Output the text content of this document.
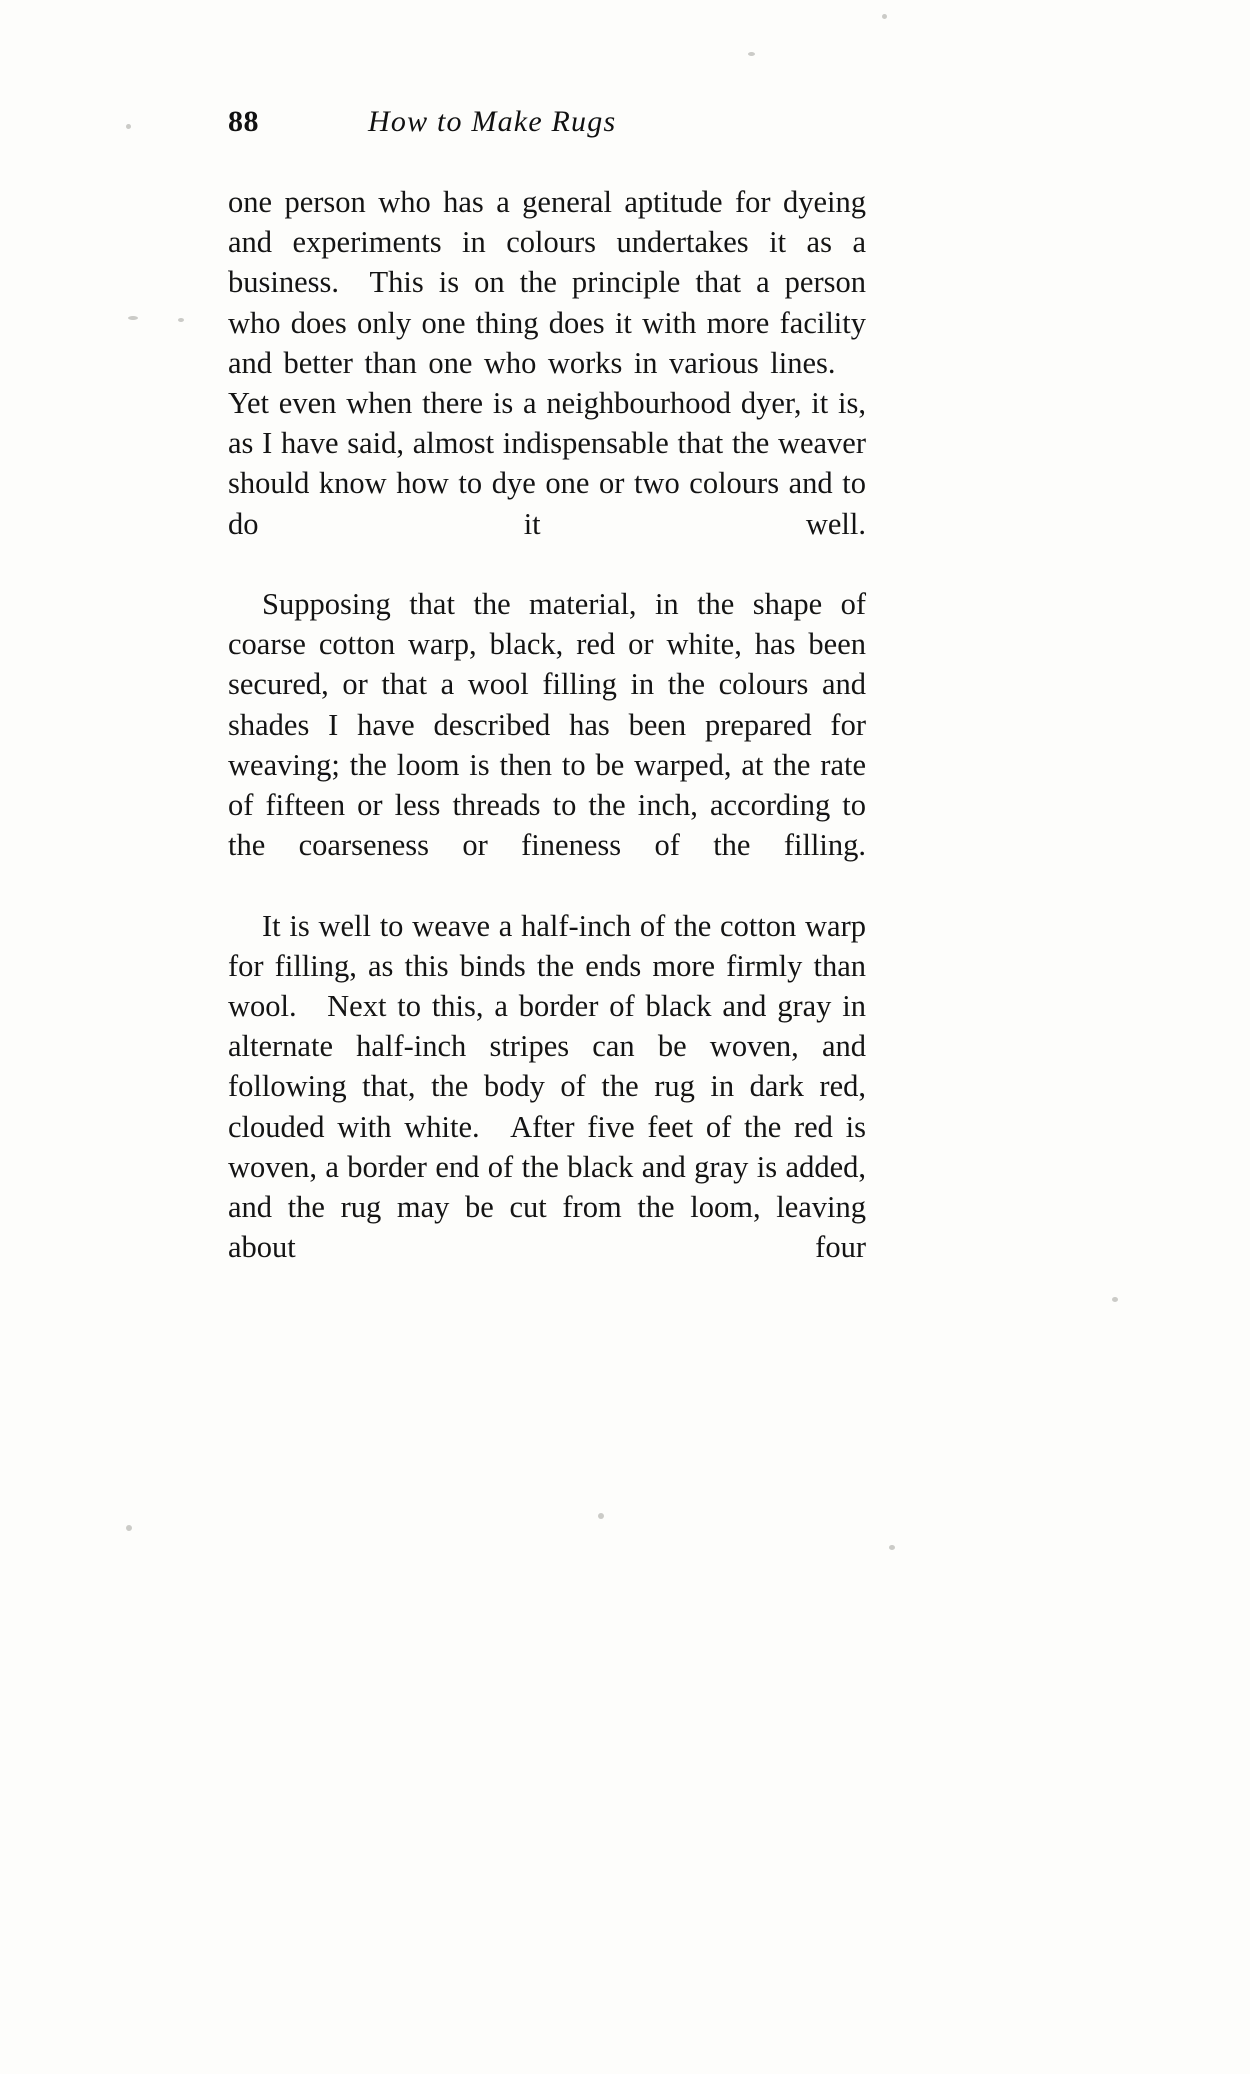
88	How to Make Rugs

one person who has a general aptitude for dyeing and experiments in colours undertakes it as a business. This is on the principle that a person who does only one thing does it with more facility and better than one who works in various lines. Yet even when there is a neighbourhood dyer, it is, as I have said, almost indispensable that the weaver should know how to dye one or two colours and to do it well.

Supposing that the material, in the shape of coarse cotton warp, black, red or white, has been secured, or that a wool filling in the colours and shades I have described has been prepared for weaving; the loom is then to be warped, at the rate of fifteen or less threads to the inch, according to the coarseness or fineness of the filling.

It is well to weave a half-inch of the cotton warp for filling, as this binds the ends more firmly than wool. Next to this, a border of black and gray in alternate half-inch stripes can be woven, and following that, the body of the rug in dark red, clouded with white. After five feet of the red is woven, a border end of the black and gray is added, and the rug may be cut from the loom, leaving about four
